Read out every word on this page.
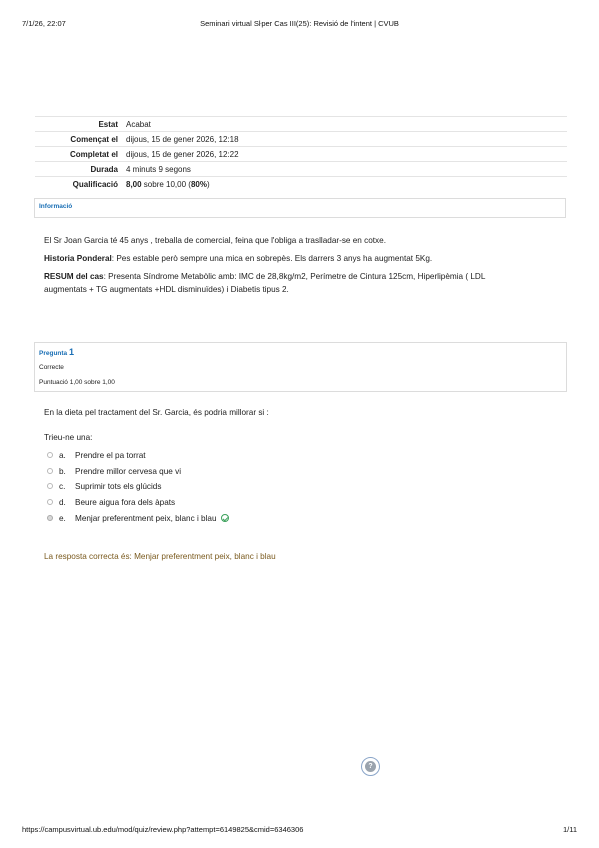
7/1/26, 22:07	Seminari virtual Sŀper Cas III(25): Revisió de l'intent | CVUB
Estat	Acabat
Començat el	dijous, 15 de gener 2026, 12:18
Completat el	dijous, 15 de gener 2026, 12:22
Durada	4 minuts 9 segons
Qualificació	8,00 sobre 10,00 (80%)
Informació
El Sr Joan Garcia té 45 anys , treballa de comercial, feina que l'obliga a traslladar-se en cotxe.
Historia Ponderal: Pes estable però sempre una mica en sobrepès. Els darrers 3 anys ha augmentat 5Kg.
RESUM del cas: Presenta Síndrome Metabòlic amb: IMC de 28,8kg/m2, Perímetre de Cintura 125cm, Hiperlipèmia ( LDL
augmentats + TG augmentats +HDL disminuïdes) i Diabetis tipus 2.
Pregunta 1
Correcte
Puntuació 1,00 sobre 1,00
En la dieta pel tractament del Sr. Garcia, és podria millorar si :
Trieu-ne una:
a.	Prendre el pa torrat
b.	Prendre millor cervesa que vi
c.	Suprimir tots els glúcids
d.	Beure aigua fora dels àpats
e.	Menjar preferentment peix, blanc i blau
La resposta correcta és: Menjar preferentment peix, blanc i blau
?
https://campusvirtual.ub.edu/mod/quiz/review.php?attempt=6149825&cmid=6346306	1/11
